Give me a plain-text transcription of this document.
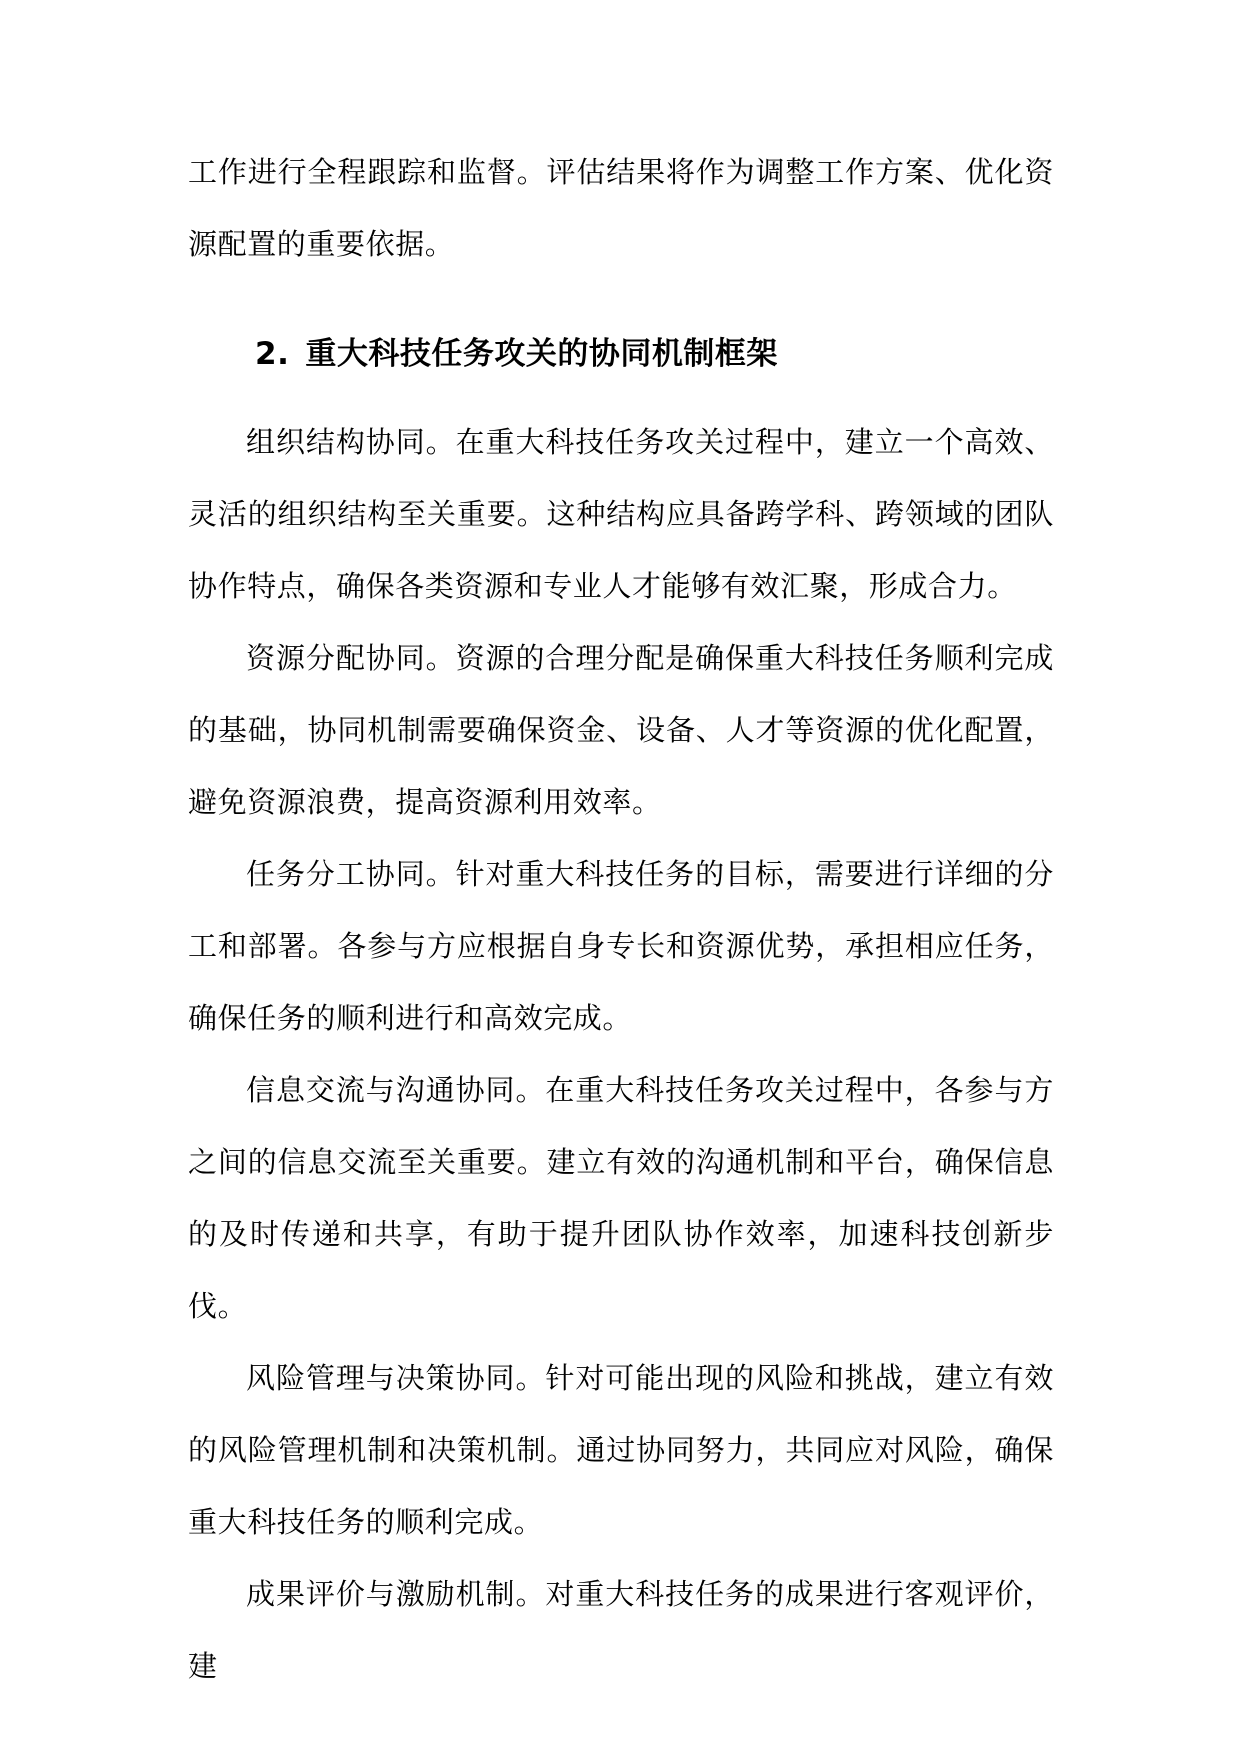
工作进行全程跟踪和监督。评估结果将作为调整工作方案、优化资源配置的重要依据。

2. 重大科技任务攻关的协同机制框架

组织结构协同。在重大科技任务攻关过程中，建立一个高效、灵活的组织结构至关重要。这种结构应具备跨学科、跨领域的团队协作特点，确保各类资源和专业人才能够有效汇聚，形成合力。

资源分配协同。资源的合理分配是确保重大科技任务顺利完成的基础，协同机制需要确保资金、设备、人才等资源的优化配置，避免资源浪费，提高资源利用效率。

任务分工协同。针对重大科技任务的目标，需要进行详细的分工和部署。各参与方应根据自身专长和资源优势，承担相应任务，确保任务的顺利进行和高效完成。

信息交流与沟通协同。在重大科技任务攻关过程中，各参与方之间的信息交流至关重要。建立有效的沟通机制和平台，确保信息的及时传递和共享，有助于提升团队协作效率，加速科技创新步伐。

风险管理与决策协同。针对可能出现的风险和挑战，建立有效的风险管理机制和决策机制。通过协同努力，共同应对风险，确保重大科技任务的顺利完成。

成果评价与激励机制。对重大科技任务的成果进行客观评价，建
